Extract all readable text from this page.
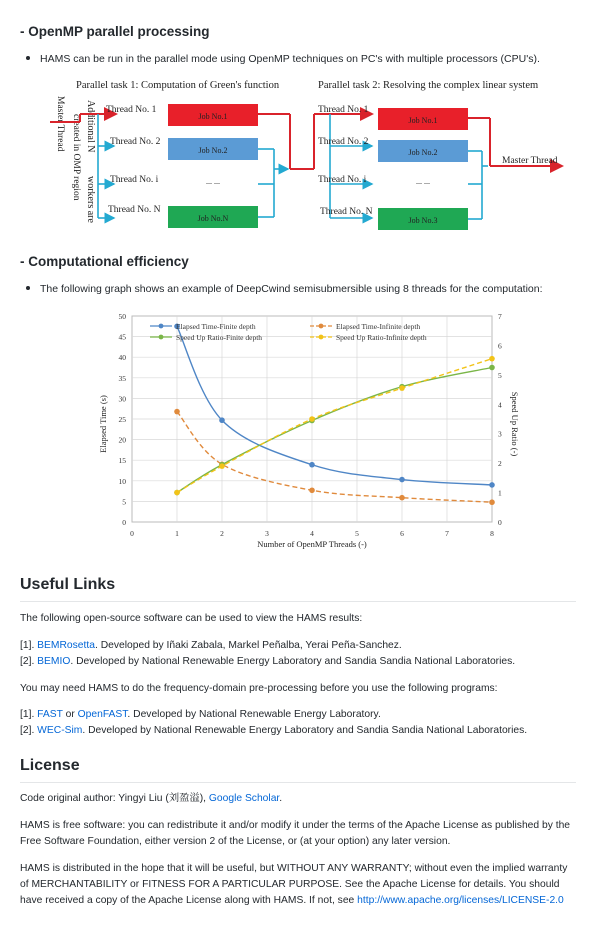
- OpenMP parallel processing
HAMS can be run in the parallel mode using OpenMP techniques on PC's with multiple processors (CPU's).
Parallel task 1: Computation of Green's function	Parallel task 2: Resolving the complex linear system
Master Thread Additional N
created in OMP region workers are
Thread No. 1
Thread No. 2
Thread No. i
Thread No. N
Job No.1
Job No.2
... ...
Job No.N
Thread No. 1
Thread No. 2
Thread No. i
Thread No. N
Job No.1
Job No.2
... ...
Job No.3
Master Thread
- Computational efficiency
The following graph shows an example of DeepCwind semisubmersible using 8 threads for the computation:
0
5
10
15
20
25
30
35
40
45
50
0
1
2
3
4
5
6
7
0	1	2	3	4	5	6	7	8
Elapsed Time-Finite depth	Elapsed Time-Infinite depth
Speed Up Ratio-Finite depth	Speed Up Ratio-Infinite depth
Number of OpenMP Threads (-)
Elapsed Time (s)	Speed Up Ratio (-)
Useful Links
The following open-source software can be used to view the HAMS results:
[1]. BEMRosetta. Developed by Iñaki Zabala, Markel Peñalba, Yerai Peña-Sanchez.
[2]. BEMIO. Developed by National Renewable Energy Laboratory and Sandia Sandia National Laboratories.
You may need HAMS to do the frequency-domain pre-processing before you use the following programs:
[1]. FAST or OpenFAST. Developed by National Renewable Energy Laboratory.
[2]. WEC-Sim. Developed by National Renewable Energy Laboratory and Sandia Sandia National Laboratories.
License
Code original author: Yingyi Liu (刘盈溢), Google Scholar.
HAMS is free software: you can redistribute it and/or modify it under the terms of the Apache License as published by the Free Software Foundation, either version 2 of the License, or (at your option) any later version.
HAMS is distributed in the hope that it will be useful, but WITHOUT ANY WARRANTY; without even the implied warranty of MERCHANTABILITY or FITNESS FOR A PARTICULAR PURPOSE. See the Apache License for details. You should have received a copy of the Apache License along with HAMS. If not, see http://www.apache.org/licenses/LICENSE-2.0
